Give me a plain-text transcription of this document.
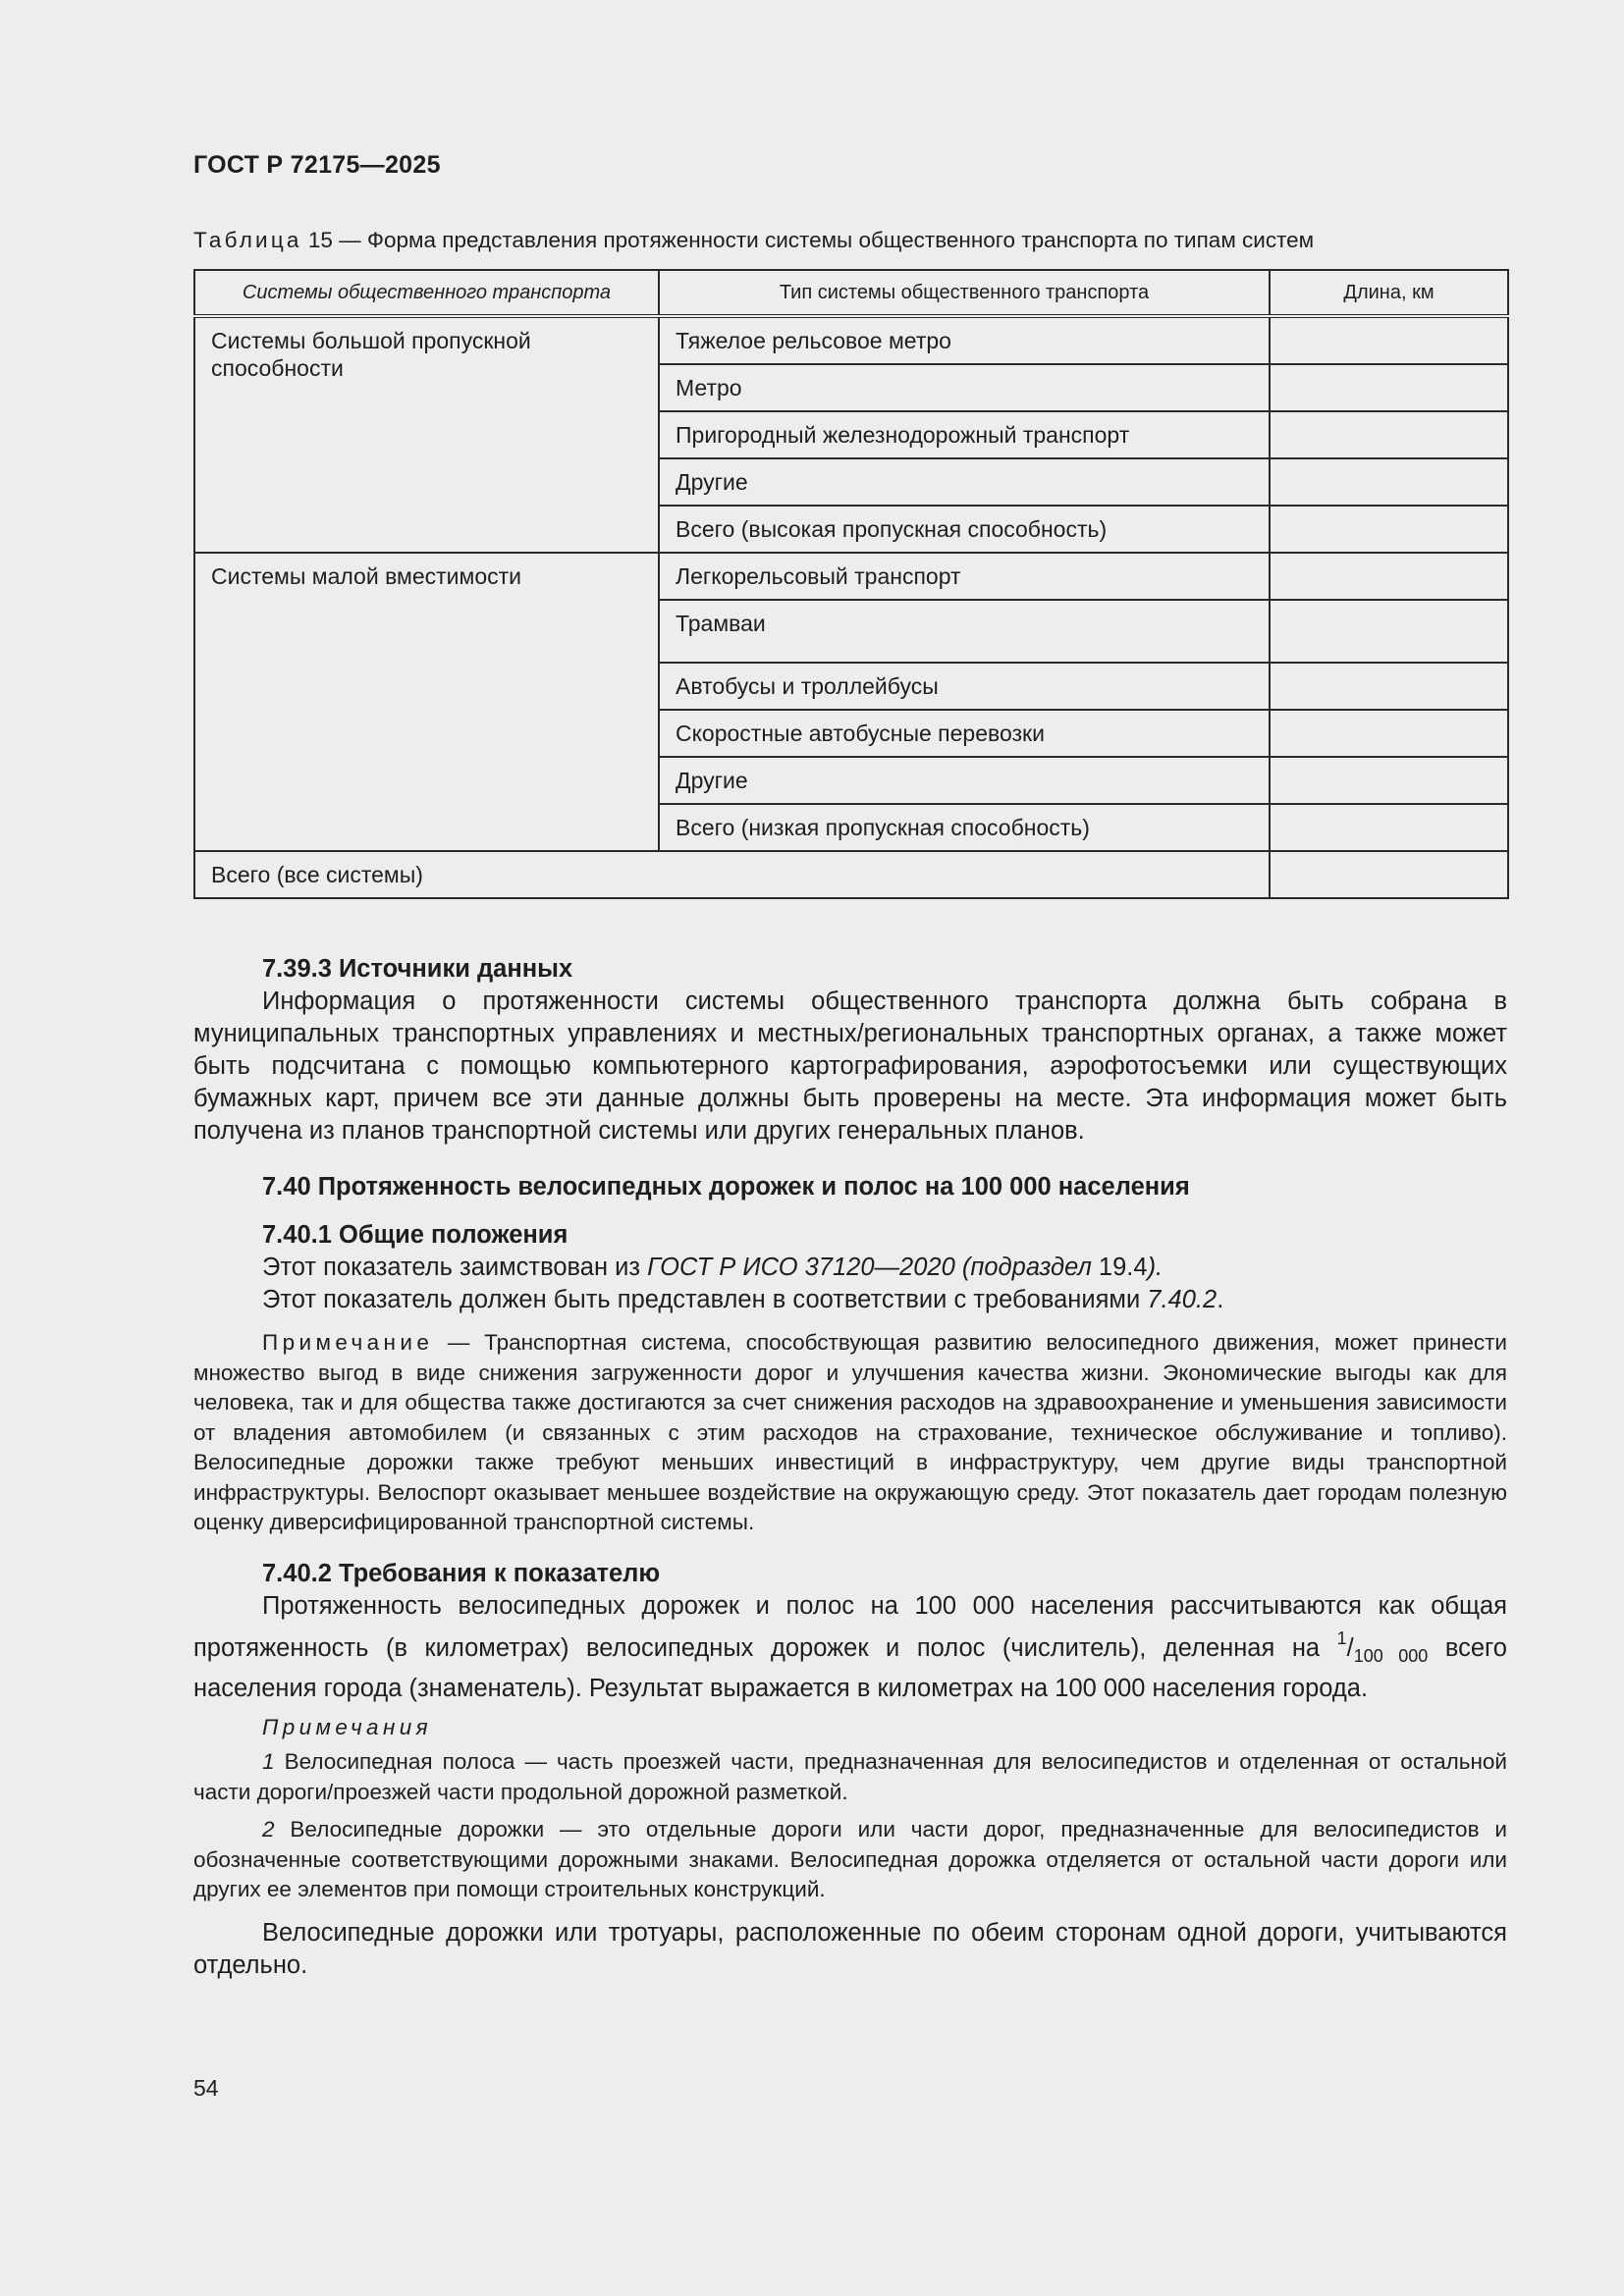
ГОСТ Р 72175—2025
Таблица 15 — Форма представления протяженности системы общественного транспорта по типам систем
Системы общественного транспорта	Тип системы общественного транспорта	Длина, км
Системы большой пропускной способности	Тяжелое рельсовое метро	
	Метро	
	Пригородный железнодорожный транспорт	
	Другие	
	Всего (высокая пропускная способность)	
Системы малой вместимости	Легкорельсовый транспорт	
	Трамваи	
	Автобусы и троллейбусы	
	Скоростные автобусные перевозки	
	Другие	
	Всего (низкая пропускная способность)	
Всего (все системы)		
7.39.3 Источники данных
Информация о протяженности системы общественного транспорта должна быть собрана в муниципальных транспортных управлениях и местных/региональных транспортных органах, а также может быть подсчитана с помощью компьютерного картографирования, аэрофотосъемки или существующих бумажных карт, причем все эти данные должны быть проверены на месте. Эта информация может быть получена из планов транспортной системы или других генеральных планов.
7.40 Протяженность велосипедных дорожек и полос на 100 000 населения
7.40.1 Общие положения
Этот показатель заимствован из ГОСТ Р ИСО 37120—2020 (подраздел 19.4).
Этот показатель должен быть представлен в соответствии с требованиями 7.40.2.
Примечание — Транспортная система, способствующая развитию велосипедного движения, может принести множество выгод в виде снижения загруженности дорог и улучшения качества жизни. Экономические выгоды как для человека, так и для общества также достигаются за счет снижения расходов на здравоохранение и уменьшения зависимости от владения автомобилем (и связанных с этим расходов на страхование, техническое обслуживание и топливо). Велосипедные дорожки также требуют меньших инвестиций в инфраструктуру, чем другие виды транспортной инфраструктуры. Велоспорт оказывает меньшее воздействие на окружающую среду. Этот показатель дает городам полезную оценку диверсифицированной транспортной системы.
7.40.2 Требования к показателю
Протяженность велосипедных дорожек и полос на 100 000 населения рассчитываются как общая протяженность (в километрах) велосипедных дорожек и полос (числитель), деленная на $^1/_{100 000}$ всего населения города (знаменатель). Результат выражается в километрах на 100 000 населения города.
Примечания
1 Велосипедная полоса — часть проезжей части, предназначенная для велосипедистов и отделенная от остальной части дороги/проезжей части продольной дорожной разметкой.
2 Велосипедные дорожки — это отдельные дороги или части дорог, предназначенные для велосипедистов и обозначенные соответствующими дорожными знаками. Велосипедная дорожка отделяется от остальной части дороги или других ее элементов при помощи строительных конструкций.
Велосипедные дорожки или тротуары, расположенные по обеим сторонам одной дороги, учитываются отдельно.
54
